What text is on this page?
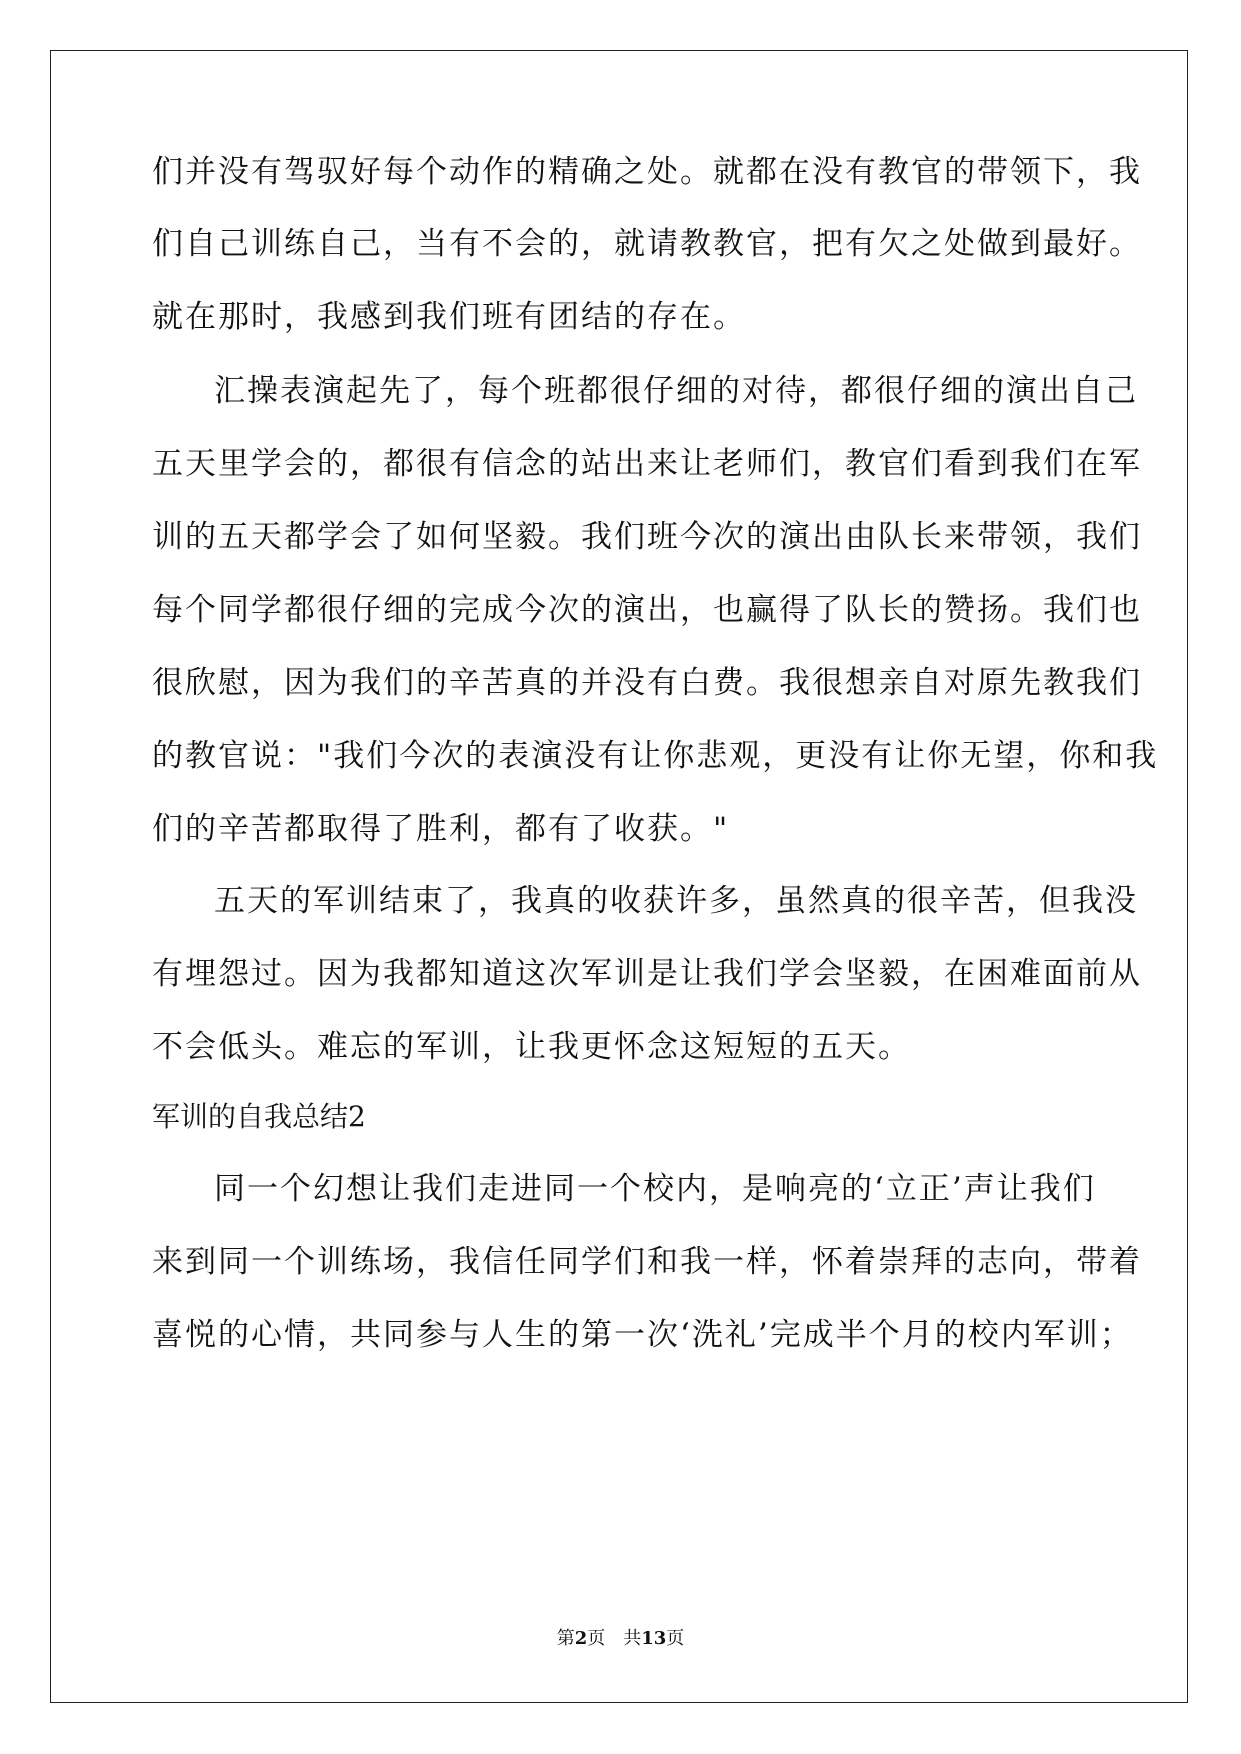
们并没有驾驭好每个动作的精确之处。就都在没有教官的带领下，我
们自己训练自己，当有不会的，就请教教官，把有欠之处做到最好。
就在那时，我感到我们班有团结的存在。
汇操表演起先了，每个班都很仔细的对待，都很仔细的演出自己
五天里学会的，都很有信念的站出来让老师们，教官们看到我们在军
训的五天都学会了如何坚毅。我们班今次的演出由队长来带领，我们
每个同学都很仔细的完成今次的演出，也赢得了队长的赞扬。我们也
很欣慰，因为我们的辛苦真的并没有白费。我很想亲自对原先教我们
的教官说："我们今次的表演没有让你悲观，更没有让你无望，你和我
们的辛苦都取得了胜利，都有了收获。"
五天的军训结束了，我真的收获许多，虽然真的很辛苦，但我没
有埋怨过。因为我都知道这次军训是让我们学会坚毅，在困难面前从
不会低头。难忘的军训，让我更怀念这短短的五天。
军训的自我总结2
同一个幻想让我们走进同一个校内，是响亮的‘立正’声让我们
来到同一个训练场，我信任同学们和我一样，怀着崇拜的志向，带着
喜悦的心情，共同参与人生的第一次‘洗礼’完成半个月的校内军训；
第2页 共13页
